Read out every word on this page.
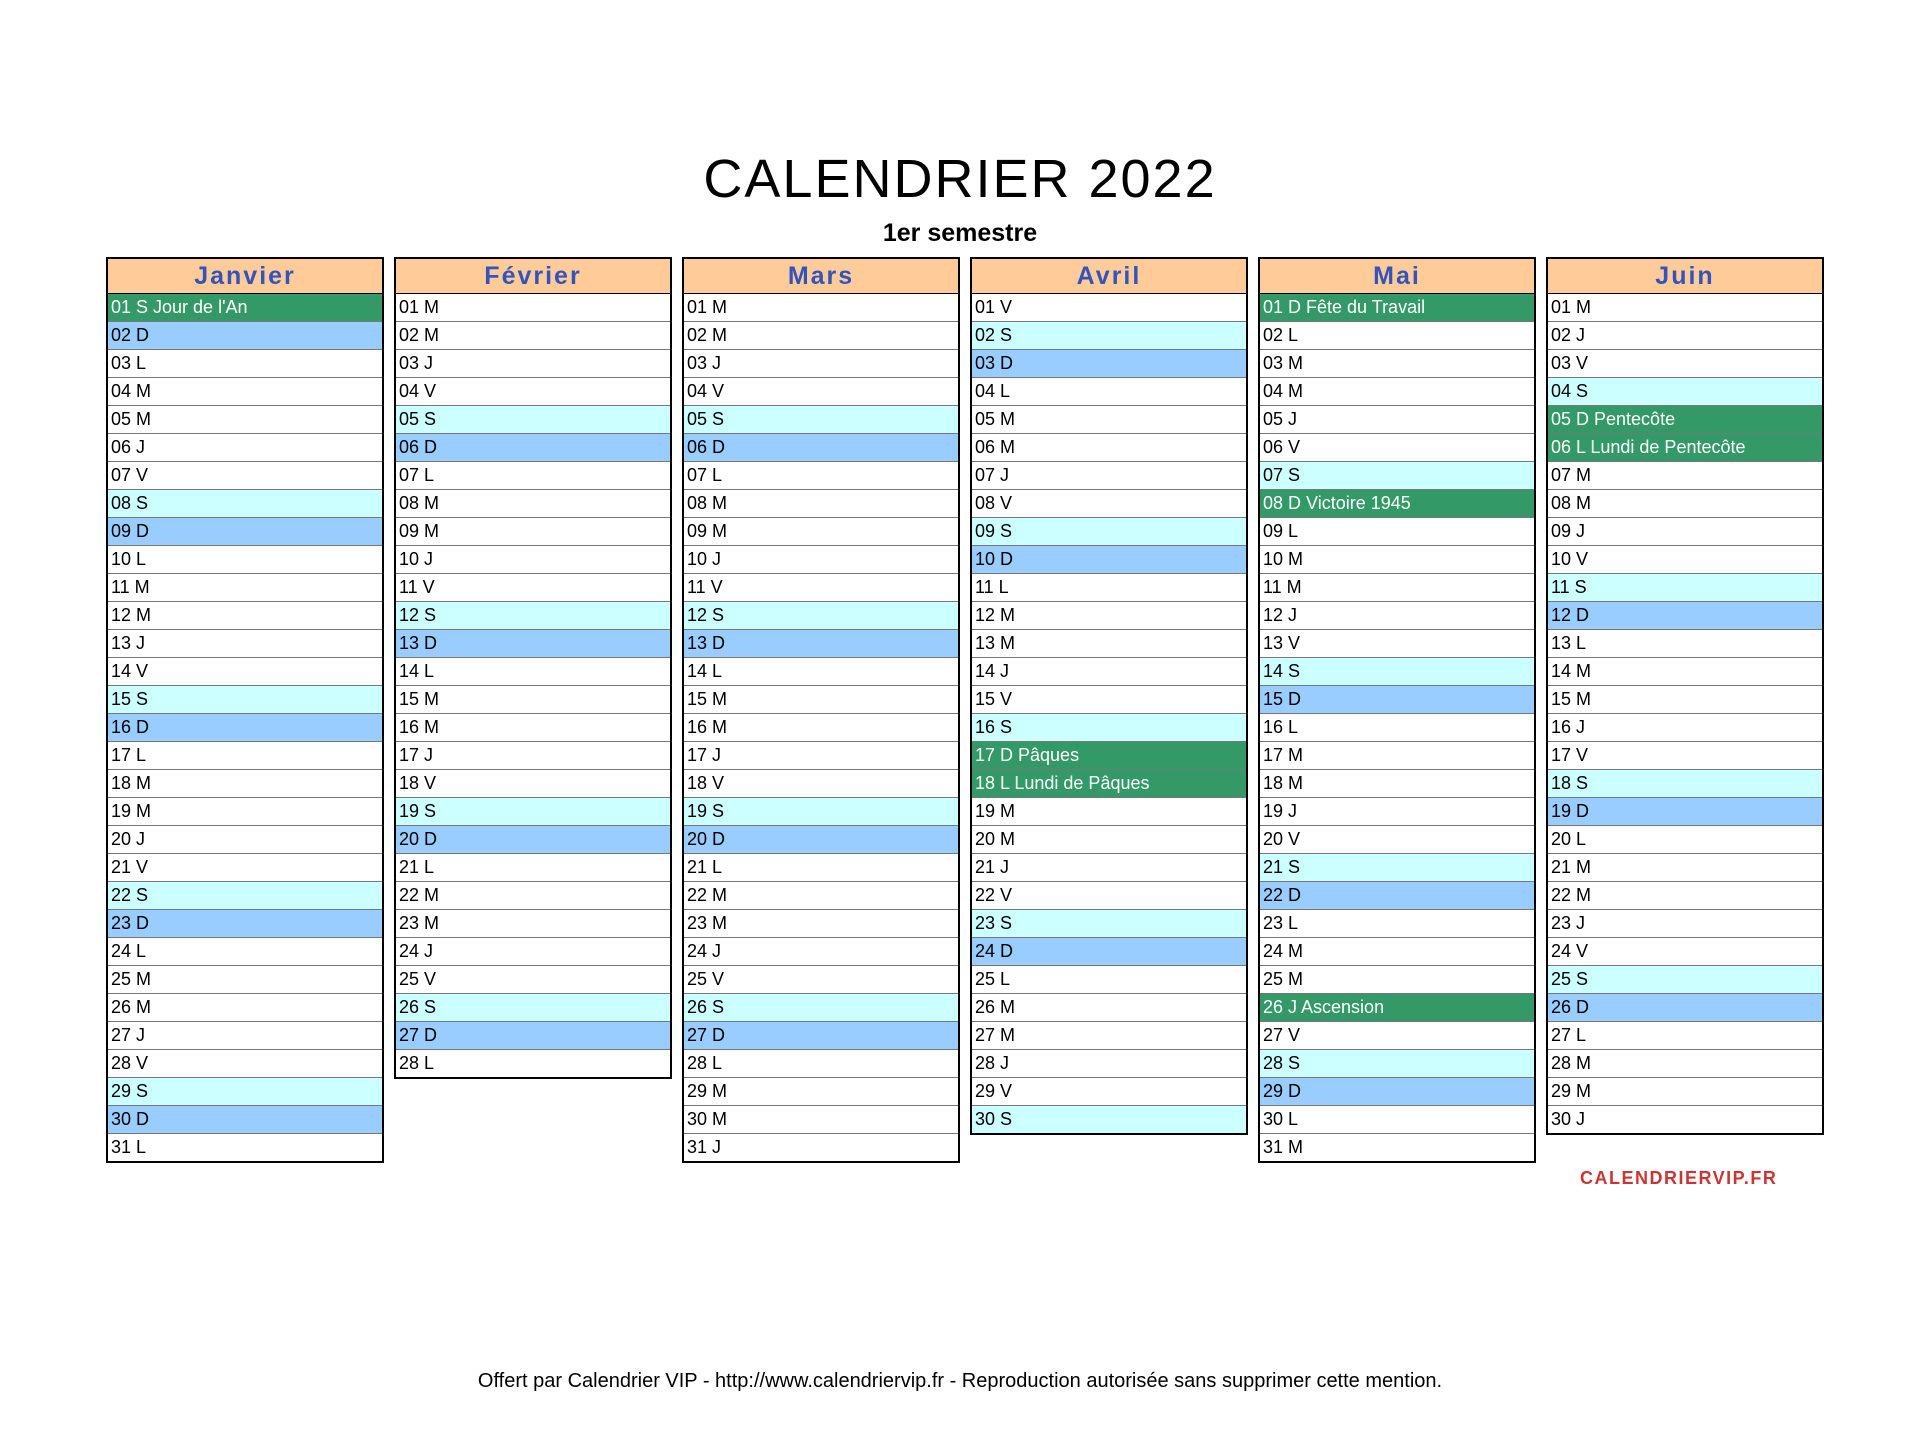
CALENDRIER 2022
1er semestre
Janvier
01 S Jour de l'An
02 D
03 L
04 M
05 M
06 J
07 V
08 S
09 D
10 L
11 M
12 M
13 J
14 V
15 S
16 D
17 L
18 M
19 M
20 J
21 V
22 S
23 D
24 L
25 M
26 M
27 J
28 V
29 S
30 D
31 L
Février
01 M
02 M
03 J
04 V
05 S
06 D
07 L
08 M
09 M
10 J
11 V
12 S
13 D
14 L
15 M
16 M
17 J
18 V
19 S
20 D
21 L
22 M
23 M
24 J
25 V
26 S
27 D
28 L
Mars
01 M
02 M
03 J
04 V
05 S
06 D
07 L
08 M
09 M
10 J
11 V
12 S
13 D
14 L
15 M
16 M
17 J
18 V
19 S
20 D
21 L
22 M
23 M
24 J
25 V
26 S
27 D
28 L
29 M
30 M
31 J
Avril
01 V
02 S
03 D
04 L
05 M
06 M
07 J
08 V
09 S
10 D
11 L
12 M
13 M
14 J
15 V
16 S
17 D Pâques
18 L Lundi de Pâques
19 M
20 M
21 J
22 V
23 S
24 D
25 L
26 M
27 M
28 J
29 V
30 S
Mai
01 D Fête du Travail
02 L
03 M
04 M
05 J
06 V
07 S
08 D Victoire 1945
09 L
10 M
11 M
12 J
13 V
14 S
15 D
16 L
17 M
18 M
19 J
20 V
21 S
22 D
23 L
24 M
25 M
26 J Ascension
27 V
28 S
29 D
30 L
31 M
Juin
01 M
02 J
03 V
04 S
05 D Pentecôte
06 L Lundi de Pentecôte
07 M
08 M
09 J
10 V
11 S
12 D
13 L
14 M
15 M
16 J
17 V
18 S
19 D
20 L
21 M
22 M
23 J
24 V
25 S
26 D
27 L
28 M
29 M
30 J
CALENDRIERVIP.FR
Offert par Calendrier VIP - http://www.calendriervip.fr - Reproduction autorisée sans supprimer cette mention.
